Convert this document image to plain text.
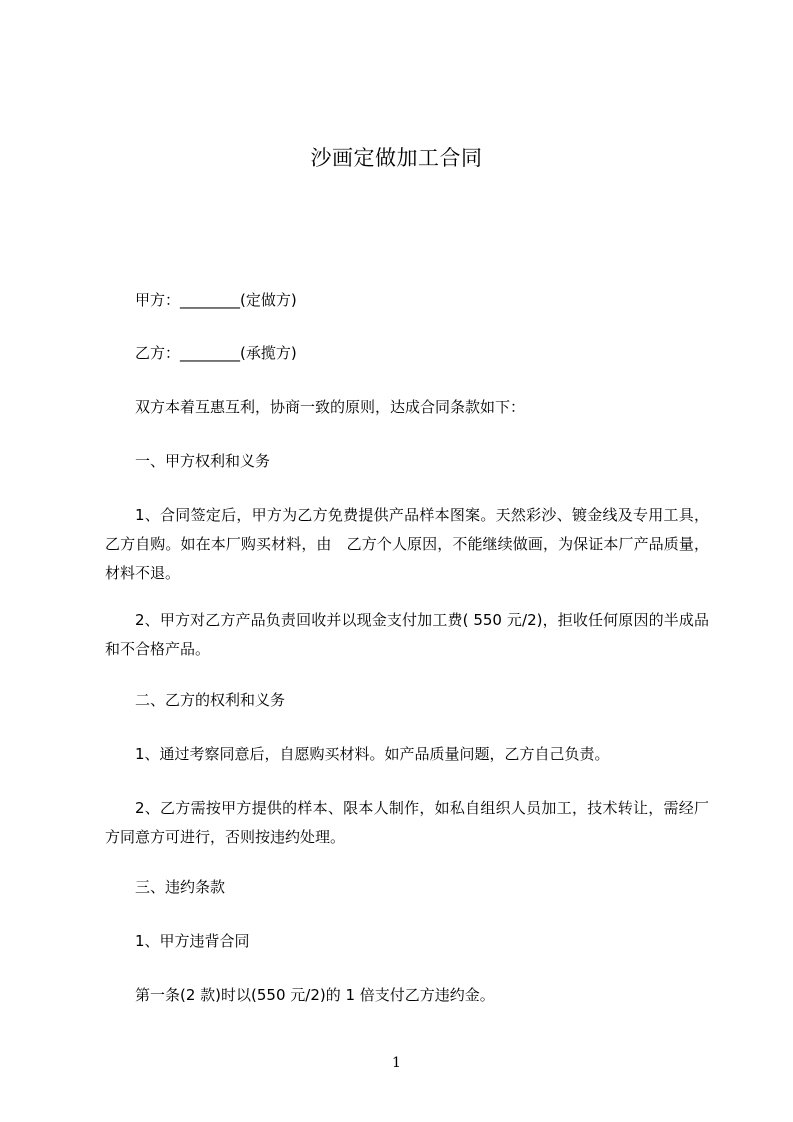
沙画定做加工合同
甲方：________(定做方)
乙方：________(承揽方)
双方本着互惠互利，协商一致的原则，达成合同条款如下：
一、甲方权利和义务
1、合同签定后，甲方为乙方免费提供产品样本图案。天然彩沙、镀金线及专用工具，乙方自购。如在本厂购买材料，由　乙方个人原因，不能继续做画，为保证本厂产品质量，材料不退。
2、甲方对乙方产品负责回收并以现金支付加工费( 550 元/2)，拒收任何原因的半成品和不合格产品。
二、乙方的权利和义务
1、通过考察同意后，自愿购买材料。如产品质量问题，乙方自己负责。
2、乙方需按甲方提供的样本、限本人制作，如私自组织人员加工，技术转让，需经厂方同意方可进行，否则按违约处理。
三、违约条款
1、甲方违背合同
第一条(2 款)时以(550 元/2)的 1 倍支付乙方违约金。
1
